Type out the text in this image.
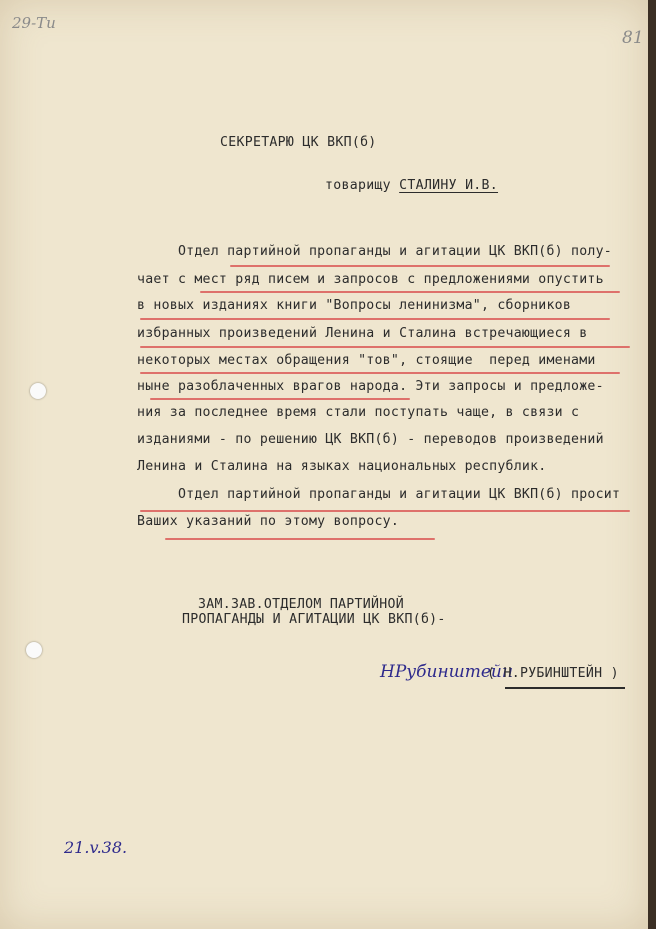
29-Ти
81
СЕКРЕТАРЮ ЦК ВКП(б)
товарищу СТАЛИНУ И.В.
Отдел партийной пропаганды и агитации ЦК ВКП(б) полу-
чает с мест ряд писем и запросов с предложениями опустить
в новых изданиях книги "Вопросы ленинизма", сборников
избранных произведений Ленина и Сталина встречающиеся в
некоторых местах обращения "тов", стоящие  перед именами
ныне разоблаченных врагов народа. Эти запросы и предложе-
ния за последнее время стали поступать чаще, в связи с
изданиями - по решению ЦК ВКП(б) - переводов произведений
Ленина и Сталина на языках национальных республик.
Отдел партийной пропаганды и агитации ЦК ВКП(б) просит
Ваших указаний по этому вопросу.
ЗАМ.ЗАВ.ОТДЕЛОМ ПАРТИЙНОЙ
ПРОПАГАНДЫ И АГИТАЦИИ ЦК ВКП(б)-
НРубинштейн
( Н.РУБИНШТЕЙН )
21.v.38.
